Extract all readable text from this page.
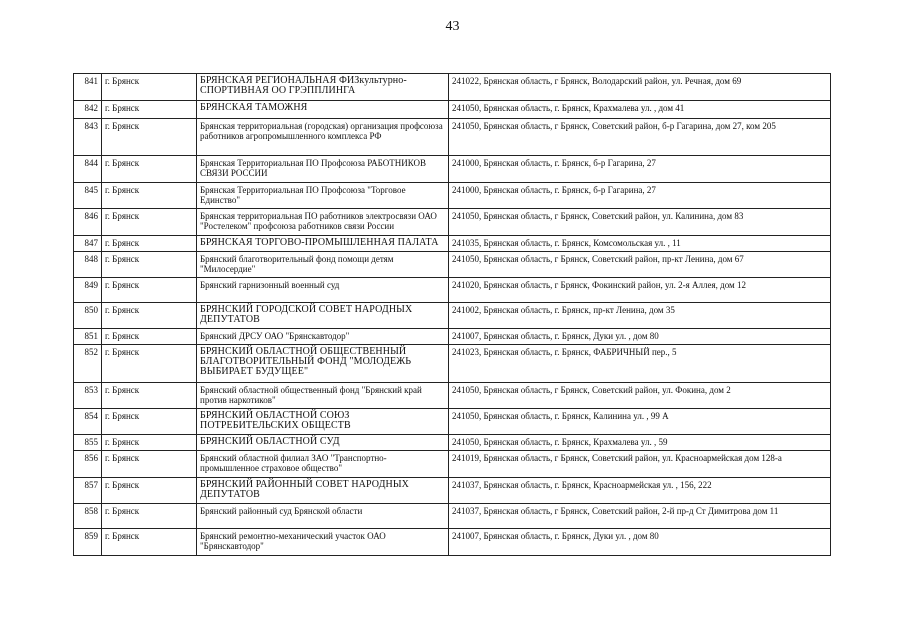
43
841	г. Брянск	БРЯНСКАЯ РЕГИОНАЛЬНАЯ ФИЗкультурно-СПОРТИВНАЯ ОО ГРЭППЛИНГА	241022, Брянская область, г Брянск, Володарский район, ул. Речная, дом 69
842	г. Брянск	БРЯНСКАЯ ТАМОЖНЯ	241050, Брянская область, г. Брянск, Крахмалева ул. , дом 41
843	г. Брянск	Брянская территориальная (городская) организация профсоюза работников агропромышленного комплекса РФ	241050, Брянская область, г Брянск, Советский район, б-р Гагарина, дом 27, ком 205
844	г. Брянск	Брянская Территориальная ПО Профсоюза РАБОТНИКОВ СВЯЗИ РОССИИ	241000, Брянская область, г. Брянск, б-р Гагарина, 27
845	г. Брянск	Брянская Территориальная ПО Профсоюза "Торговое Единство"	241000, Брянская область, г. Брянск, б-р Гагарина, 27
846	г. Брянск	Брянская территориальная ПО работников электросвязи ОАО "Ростелеком" профсоюза работников связи России	241050, Брянская область, г Брянск, Советский район, ул. Калинина, дом 83
847	г. Брянск	БРЯНСКАЯ ТОРГОВО-ПРОМЫШЛЕННАЯ ПАЛАТА	241035, Брянская область, г. Брянск, Комсомольская ул. , 11
848	г. Брянск	Брянский благотворительный фонд помощи детям "Милосердие"	241050, Брянская область, г Брянск, Советский район, пр-кт Ленина, дом 67
849	г. Брянск	Брянский гарнизонный военный суд	241020, Брянская область, г Брянск, Фокинский район, ул. 2-я Аллея, дом 12
850	г. Брянск	БРЯНСКИЙ ГОРОДСКОЙ СОВЕТ НАРОДНЫХ ДЕПУТАТОВ	241002, Брянская область, г. Брянск, пр-кт Ленина, дом 35
851	г. Брянск	Брянский ДРСУ ОАО "Брянскавтодор"	241007, Брянская область, г. Брянск, Дуки ул. , дом 80
852	г. Брянск	БРЯНСКИЙ ОБЛАСТНОЙ ОБЩЕСТВЕННЫЙ БЛАГОТВОРИТЕЛЬНЫЙ ФОНД "МОЛОДЕЖЬ ВЫБИРАЕТ БУДУЩЕЕ"	241023, Брянская область, г. Брянск, ФАБРИЧНЫЙ пер., 5
853	г. Брянск	Брянский областной общественный фонд "Брянский край против наркотиков"	241050, Брянская область, г Брянск, Советский район, ул. Фокина, дом 2
854	г. Брянск	БРЯНСКИЙ ОБЛАСТНОЙ СОЮЗ ПОТРЕБИТЕЛЬСКИХ ОБЩЕСТВ	241050, Брянская область, г. Брянск, Калинина ул. , 99 А
855	г. Брянск	БРЯНСКИЙ ОБЛАСТНОЙ СУД	241050, Брянская область, г. Брянск, Крахмалева ул. , 59
856	г. Брянск	Брянский областной филиал ЗАО "Транспортно-промышленное страховое общество"	241019, Брянская область, г Брянск, Советский район, ул. Красноармейская дом 128-а
857	г. Брянск	БРЯНСКИЙ РАЙОННЫЙ СОВЕТ НАРОДНЫХ ДЕПУТАТОВ	241037, Брянская область, г. Брянск, Красноармейская ул. , 156, 222
858	г. Брянск	Брянский районный суд Брянской области	241037, Брянская область, г Брянск, Советский район, 2-й пр-д Ст Димитрова дом 11
859	г. Брянск	Брянский ремонтно-механический участок ОАО "Брянскавтодор"	241007, Брянская область, г. Брянск, Дуки ул. , дом 80
